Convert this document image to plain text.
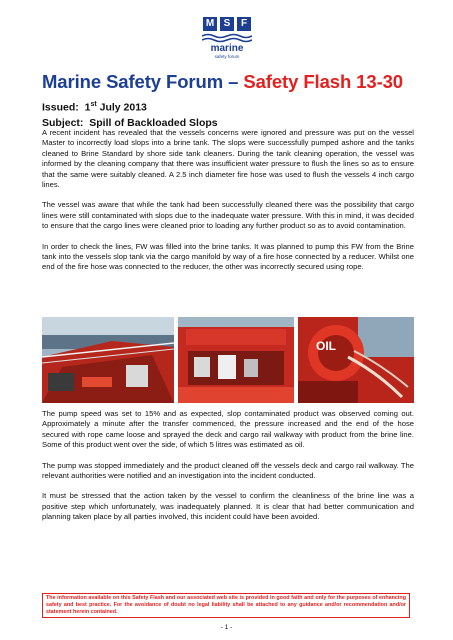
M S	F
marine
safety forum
Marine Safety Forum – Safety Flash 13-30
Issued: 1st July 2013
Subject: Spill of Backloaded Slops

A recent incident has revealed that the vessels concerns were ignored and pressure was put on the vessel Master to incorrectly load slops into a brine tank. The slops were successfully pumped ashore and the tanks cleaned to Brine Standard by shore side tank cleaners. During the tank cleaning operation, the vessel was informed by the cleaning company that there was insufficient water pressure to flush the lines so as to ensure that the same were suitably cleaned. A 2.5 inch diameter fire hose was used to flush the vessels 4 inch cargo lines.

The vessel was aware that while the tank had been successfully cleaned there was the possibility that cargo lines were still contaminated with slops due to the inadequate water pressure. With this in mind, it was decided to ensure that the cargo lines were cleaned prior to loading any further product so as to avoid contamination.

In order to check the lines, FW was filled into the brine tanks. It was planned to pump this FW from the Brine tank into the vessels slop tank via the cargo manifold by way of a fire hose connected by a reducer. Whilst one end of the fire hose was connected to the reducer, the other was incorrectly secured using rope.

OIL

The pump speed was set to 15% and as expected, slop contaminated product was observed coming out. Approximately a minute after the transfer commenced, the pressure increased and the end of the hose secured with rope came loose and sprayed the deck and cargo rail walkway with product from the brine line. Some of this product went over the side, of which 5 litres was estimated as oil.

The pump was stopped immediately and the product cleaned off the vessels deck and cargo rail walkway. The relevant authorities were notified and an investigation into the incident conducted.

It must be stressed that the action taken by the vessel to confirm the cleanliness of the brine line was a positive step which unfortunately, was inadequately planned. It is clear that had better communication and planning taken place by all parties involved, this incident could have been avoided.

The information available on this Safety Flash and our associated web site is provided in good faith and only for the purposes of enhancing safety and best practice. For the avoidance of doubt no legal liability shall be attached to any guidance and/or recommendation and/or statement herein contained.
- 1 -
